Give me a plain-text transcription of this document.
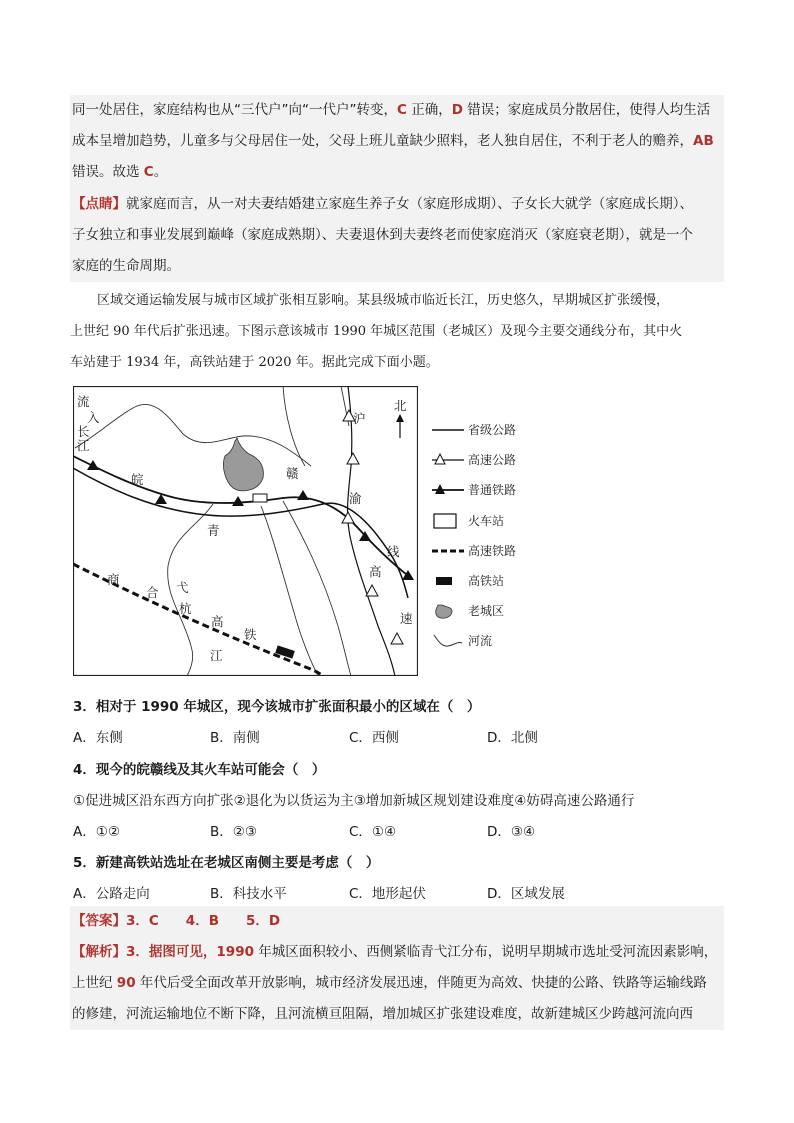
同一处居住，家庭结构也从“三代户”向“一代户”转变，C 正确，D 错误；家庭成员分散居住，使得人均生活
成本呈增加趋势，儿童多与父母居住一处，父母上班儿童缺少照料，老人独自居住，不利于老人的赡养，AB
错误。故选 C。
【点睛】就家庭而言，从一对夫妻结婚建立家庭生养子女（家庭形成期）、子女长大就学（家庭成长期）、
子女独立和事业发展到巅峰（家庭成熟期）、夫妻退休到夫妻终老而使家庭消灭（家庭衰老期），就是一个
家庭的生命周期。
区域交通运输发展与城市区域扩张相互影响。某县级城市临近长江，历史悠久，早期城区扩张缓慢，
上世纪 90 年代后扩张迅速。下图示意该城市 1990 年城区范围（老城区）及现今主要交通线分布，其中火
车站建于 1934 年，高铁站建于 2020 年。据此完成下面小题。
流
入
长
江
皖	赣
青
沪
渝
线
高
速
弋
江
商
合
杭
高
铁
北
省级公路
高速公路
普通铁路
火车站
高速铁路
高铁站
老城区
河流
3．相对于 1990 年城区，现今该城市扩张面积最小的区域在（　）
A．东侧	B．南侧	C．西侧	D．北侧
4．现今的皖赣线及其火车站可能会（　）
①促进城区沿东西方向扩张②退化为以货运为主③增加新城区规划建设难度④妨碍高速公路通行
A．①②	B．②③	C．①④	D．③④
5．新建高铁站选址在老城区南侧主要是考虑（　）
A．公路走向	B．科技水平	C．地形起伏	D．区域发展
【答案】3．C　　4．B　　5．D
【解析】3．据图可见，1990 年城区面积较小、西侧紧临青弋江分布，说明早期城市选址受河流因素影响，
上世纪 90 年代后受全面改革开放影响，城市经济发展迅速，伴随更为高效、快捷的公路、铁路等运输线路
的修建，河流运输地位不断下降，且河流横亘阻隔，增加城区扩张建设难度，故新建城区少跨越河流向西
